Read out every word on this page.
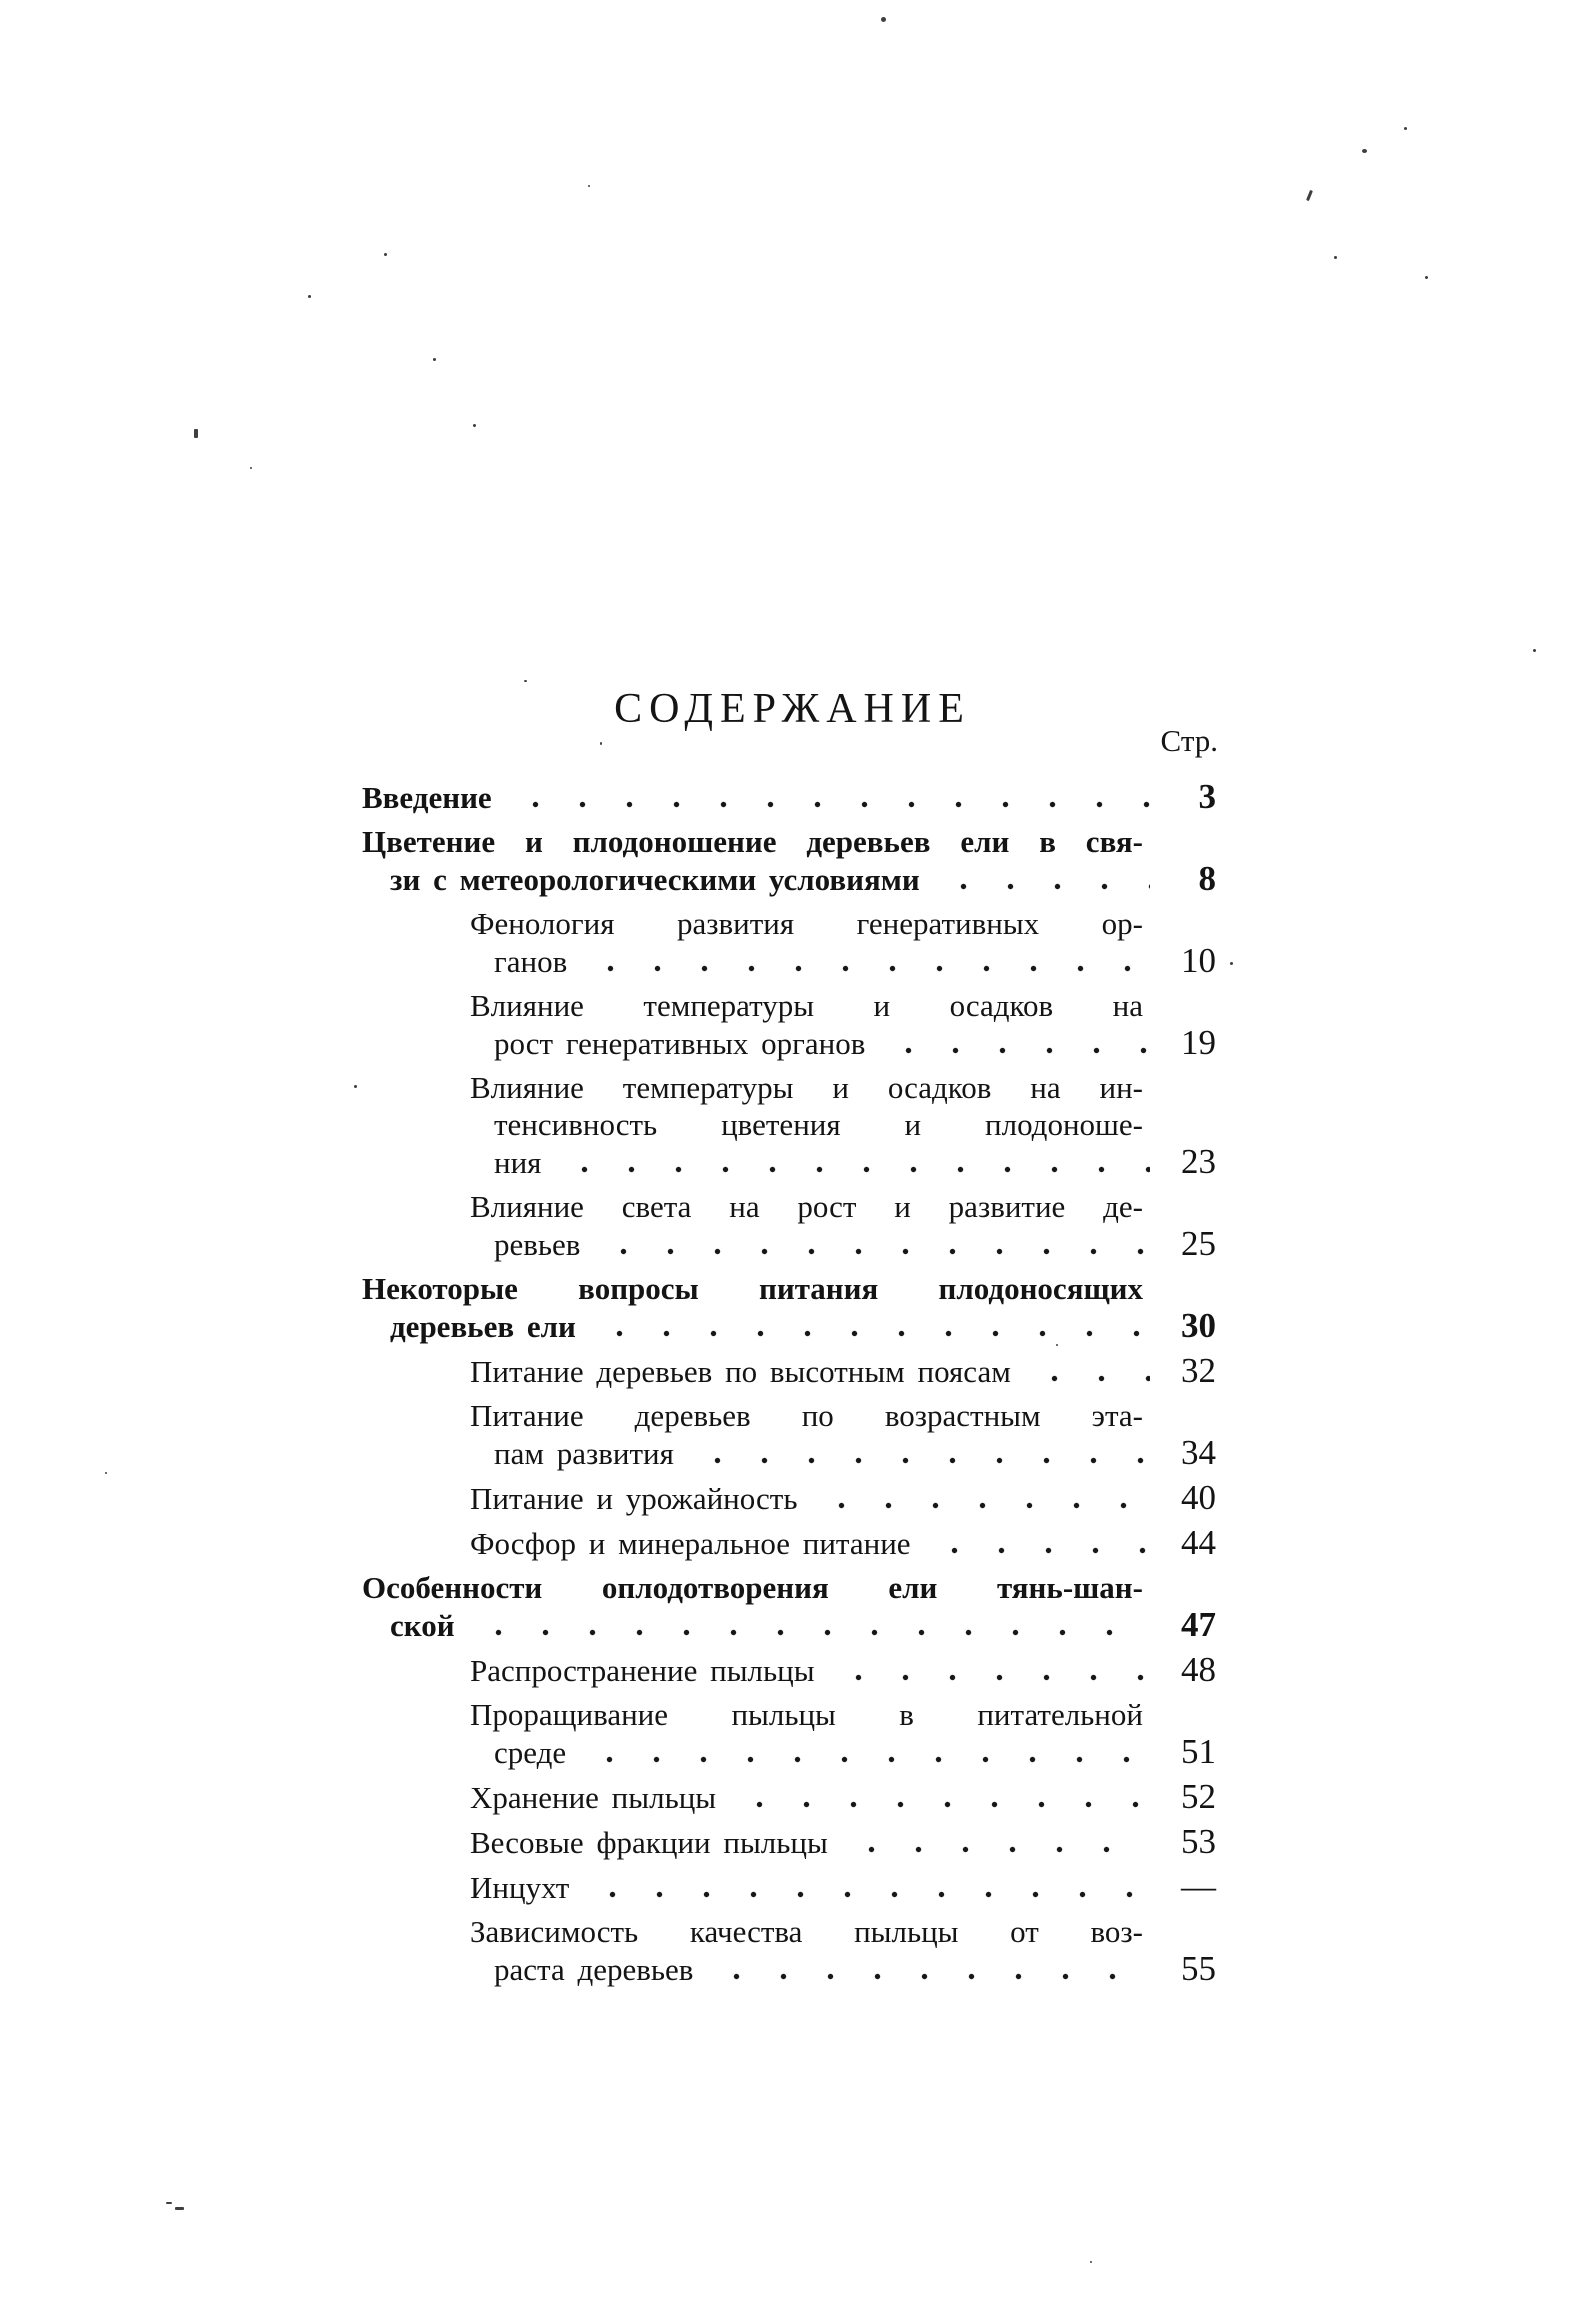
СОДЕРЖАНИЕ
Стр.
Введение	3
Цветение и плодоношение деревьев ели в свя-
зи с метеорологическими условиями	8
Фенология развития генеративных ор-
ганов	10
Влияние температуры и осадков на
рост генеративных органов	19
Влияние температуры и осадков на ин-
тенсивность цветения и плодоноше-
ния	23
Влияние света на рост и развитие де-
ревьев	25
Некоторые вопросы питания плодоносящих
деревьев ели	30
Питание деревьев по высотным поясам	32
Питание деревьев по возрастным эта-
пам развития	34
Питание и урожайность	40
Фосфор и минеральное питание	44
Особенности оплодотворения ели тянь-шан-
ской	47
Распространение пыльцы	48
Проращивание пыльцы в питательной
среде	51
Хранение пыльцы	52
Весовые фракции пыльцы	53
Инцухт	—
Зависимость качества пыльцы от воз-
раста деревьев	55
